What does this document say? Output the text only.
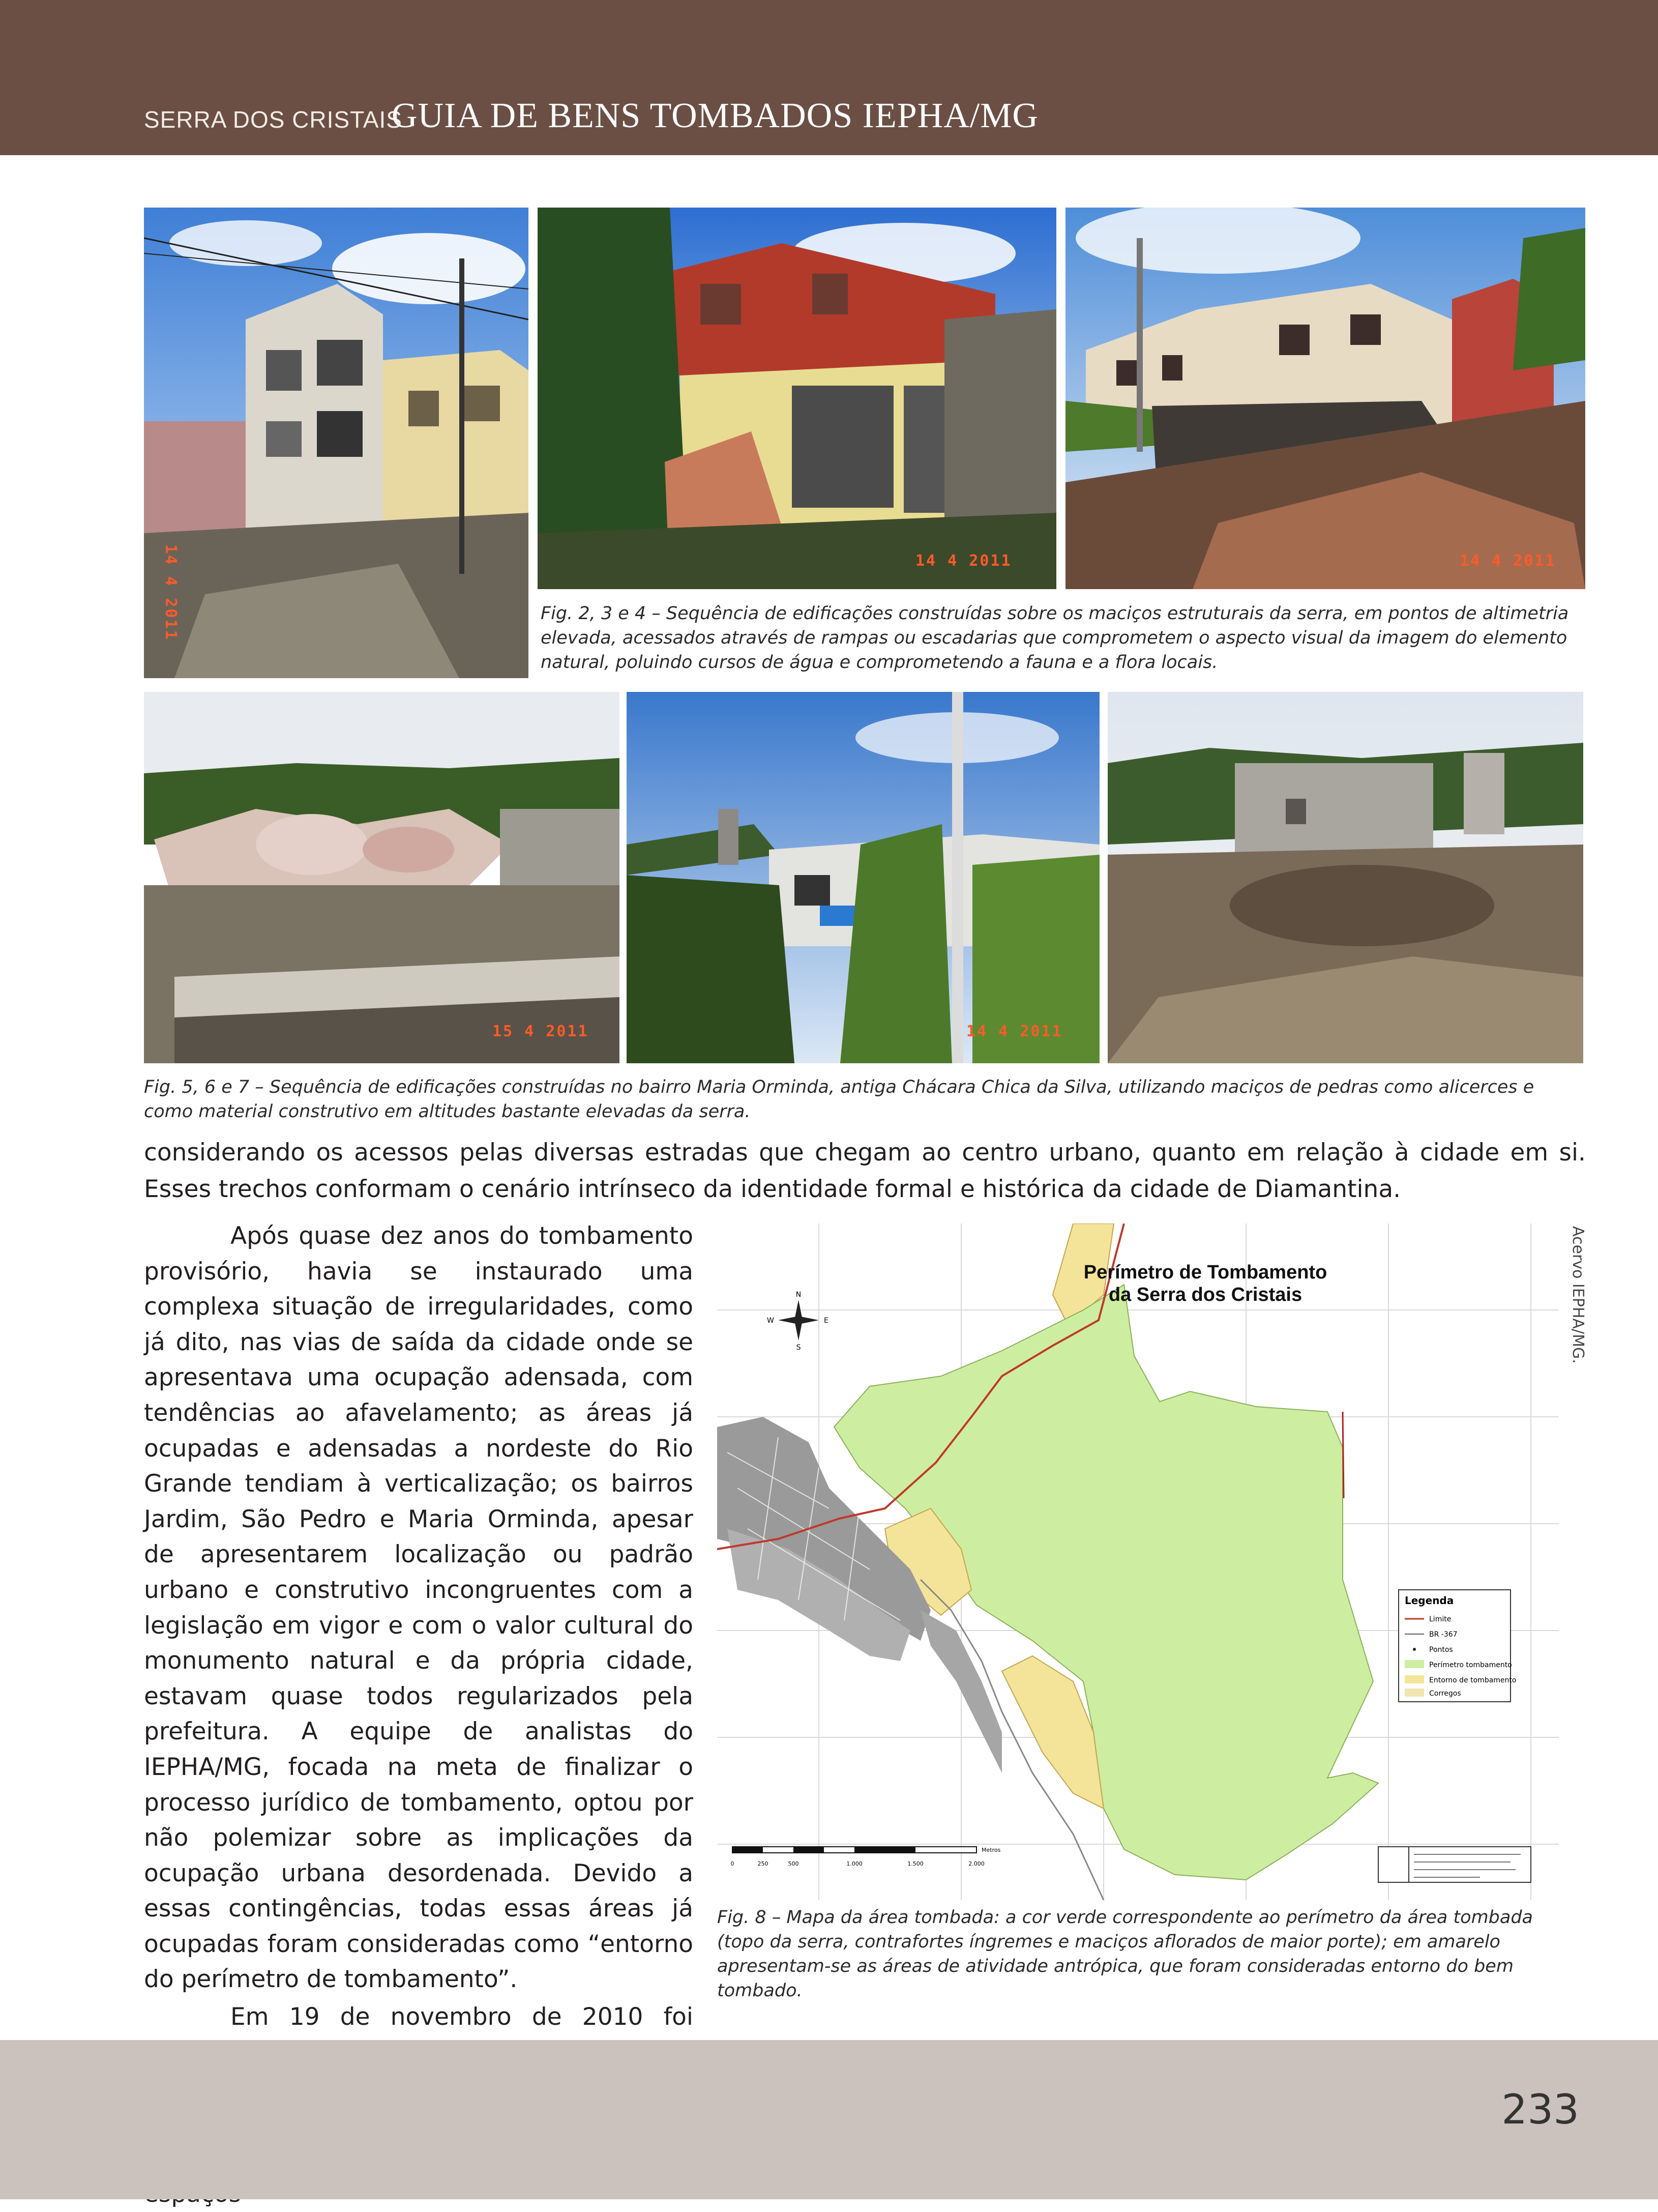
SERRA DOS CRISTAIS
GUIA DE BENS TOMBADOS IEPHA/MG
14 4 2011	14 4 2011	14 4 2011
Fig. 2, 3 e 4 – Sequência de edificações construídas sobre os maciços estruturais da serra, em pontos de altimetria elevada, acessados através de rampas ou escadarias que comprometem o aspecto visual da imagem do elemento natural, poluindo cursos de água e comprometendo a fauna e a flora locais.
15 4 2011	14 4 2011
Fig. 5, 6 e 7 – Sequência de edificações construídas no bairro Maria Orminda, antiga Chácara Chica da Silva, utilizando maciços de pedras como alicerces e como material construtivo em altitudes bastante elevadas da serra.
considerando os acessos pelas diversas estradas que chegam ao centro urbano, quanto em relação à cidade em si. Esses trechos conformam o cenário intrínseco da identidade formal e histórica da cidade de Diamantina.

Após quase dez anos do tombamento provisório, havia se instaurado uma complexa situação de irregularidades, como já dito, nas vias de saída da cidade onde se apresentava uma ocupação adensada, com tendências ao afavelamento; as áreas já ocupadas e adensadas a nordeste do Rio Grande tendiam à verticalização; os bairros Jardim, São Pedro e Maria Orminda, apesar de apresentarem localização ou padrão urbano e construtivo incongruentes com a legislação em vigor e com o valor cultural do monumento natural e da própria cidade, estavam quase todos regularizados pela prefeitura. A equipe de analistas do IEPHA/MG, focada na meta de finalizar o processo jurídico de tombamento, optou por não polemizar sobre as implicações da ocupação urbana desordenada. Devido a essas contingências, todas essas áreas já ocupadas foram consideradas como “entorno do perímetro de tombamento”.

Em 19 de novembro de 2010 foi

Perímetro de Tombamento
da Serra dos Cristais
N
S
E
W
Legenda
Limite
BR -367
Pontos
Perímetro tombamento
Entorno de tombamento
Corregos
0	250	500	1.000	1.500	2.000
Metros
Acervo IEPHA/MG.
Fig. 8 – Mapa da área tombada: a cor verde correspondente ao perímetro da área tombada (topo da serra, contrafortes íngremes e maciços aflorados de maior porte); em amarelo apresentam-se as áreas de atividade antrópica, que foram consideradas entorno do bem tombado.
233
